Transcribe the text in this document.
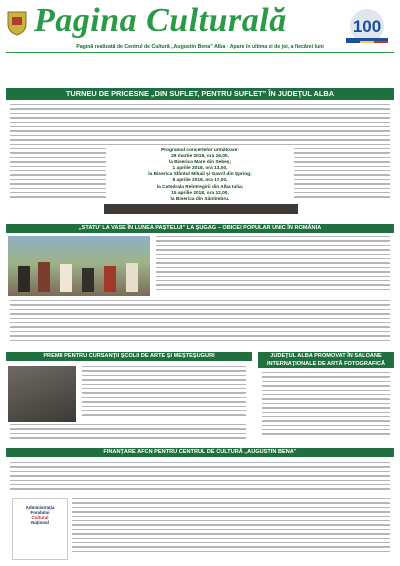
Pagina Culturală	100
Pagină realizată de Centrul de Cultură „Augustin Bena” Alba · Apare în ultima zi de joi, a fiecărei luni
TURNEU DE PRICESNE „DIN SUFLET, PENTRU SUFLET” ÎN JUDEŢUL ALBA
Programul concertelor următoare:
29 martie 2018, ora 16,00,
la Biserica Mare din Sebeş;
1 aprilie 2018, ora 13,00,
la Biserica Sfântul Mihail şi Gavril din Şpring;
8 aprilie 2018, ora 17,00,
la Catedrala Reîntregirii din Alba Iulia;
15 aprilie 2018, ora 12,00,
la Biserica din Sântimbru.
„STATU' LA VASE ÎN LUNEA PAŞTELUI” LA ŞUGAG – OBICEI POPULAR UNIC ÎN ROMÂNIA
PREMII PENTRU CURSANŢII ŞCOLII DE ARTE ŞI MEŞTEŞUGURI	JUDEŢUL ALBA PROMOVAT ÎN SALOANE INTERNAŢIONALE DE ARTĂ FOTOGRAFICĂ
FINANŢARE AFCN PENTRU CENTRUL DE CULTURĂ „AUGUSTIN BENA”
Administraţia
Fondului
Cultural
Naţional
